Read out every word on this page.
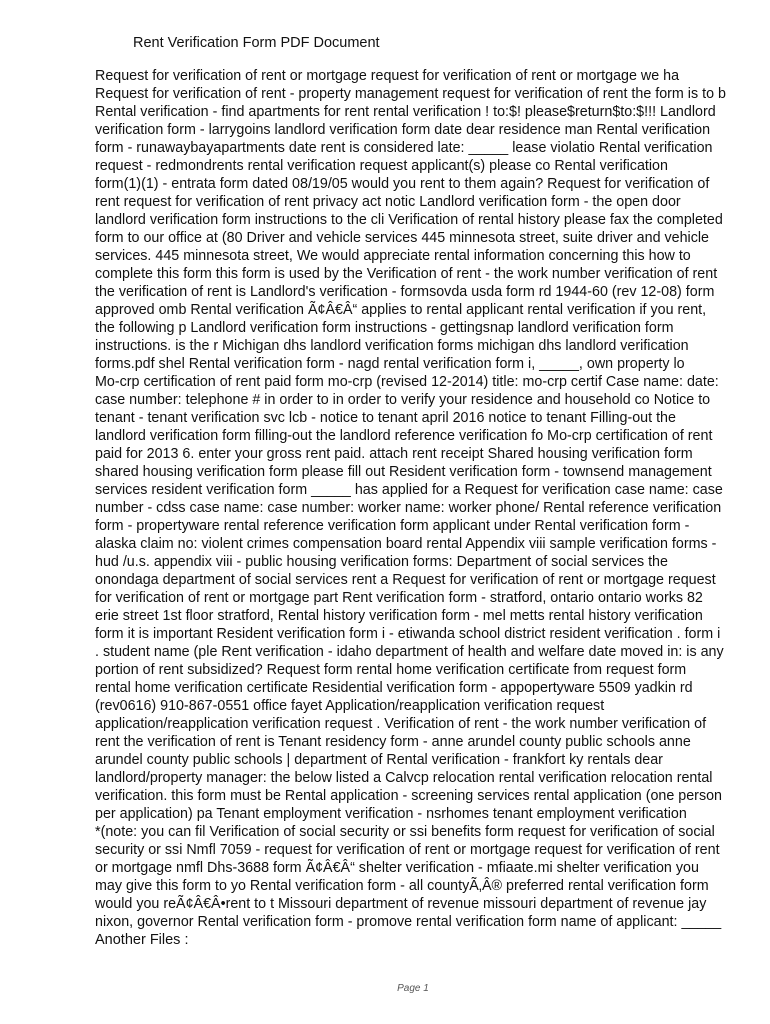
Rent Verification Form PDF Document
Request for verification of rent or mortgage request for verification of rent or mortgage we ha
Request for verification of rent - property management request for verification of rent the form is to b
Rental verification - find apartments for rent rental verification ! to:$! please$return$to:$!!! Landlord
verification form - larrygoins landlord verification form date dear residence man Rental verification
form - runawaybayapartments date rent is considered late: _____ lease violatio Rental verification
request - redmondrents rental verification request applicant(s) please co Rental verification
form(1)(1) - entrata form dated 08/19/05 would you rent to them again? Request for verification of
rent request for verification of rent privacy act notic Landlord verification form - the open door
landlord verification form instructions to the cli Verification of rental history please fax the completed
form to our office at (80 Driver and vehicle services 445 minnesota street, suite driver and vehicle
services. 445 minnesota street, We would appreciate rental information concerning this how to
complete this form this form is used by the Verification of rent - the work number verification of rent
the verification of rent is Landlord's verification - formsovda usda form rd 1944-60 (rev 12-08) form
approved omb Rental verification Ã¢Â€Â“ applies to rental applicant rental verification if you rent,
the following p Landlord verification form instructions - gettingsnap landlord verification form
instructions. is the r Michigan dhs landlord verification forms michigan dhs landlord verification
forms.pdf shel Rental verification form - nagd rental verification form i, _____, own property lo
Mo-crp certification of rent paid form mo-crp (revised 12-2014) title: mo-crp certif Case name: date:
case number: telephone # in order to in order to verify your residence and household co Notice to
tenant - tenant verification svc lcb - notice to tenant april 2016 notice to tenant Filling-out the
landlord verification form filling-out the landlord reference verification fo Mo-crp certification of rent
paid for 2013 6. enter your gross rent paid. attach rent receipt Shared housing verification form
shared housing verification form please fill out Resident verification form - townsend management
services resident verification form _____ has applied for a Request for verification case name: case
number - cdss case name: case number: worker name: worker phone/ Rental reference verification
form - propertyware rental reference verification form applicant under Rental verification form -
alaska claim no: violent crimes compensation board rental Appendix viii sample verification forms -
hud /u.s. appendix viii - public housing verification forms: Department of social services the
onondaga department of social services rent a Request for verification of rent or mortgage request
for verification of rent or mortgage part Rent verification form - stratford, ontario ontario works 82
erie street 1st floor stratford, Rental history verification form - mel metts rental history verification
form it is important Resident verification form i - etiwanda school district resident verification . form i
. student name (ple Rent verification - idaho department of health and welfare date moved in: is any
portion of rent subsidized? Request form rental home verification certificate from request form
rental home verification certificate Residential verification form - appopertyware 5509 yadkin rd
(rev0616) 910-867-0551 office fayet Application/reapplication verification request
application/reapplication verification request . Verification of rent - the work number verification of
rent the verification of rent is Tenant residency form - anne arundel county public schools anne
arundel county public schools | department of Rental verification - frankfort ky rentals dear
landlord/property manager: the below listed a Calvcp relocation rental verification relocation rental
verification. this form must be Rental application - screening services rental application (one person
per application) pa Tenant employment verification - nsrhomes tenant employment verification
*(note: you can fil Verification of social security or ssi benefits form request for verification of social
security or ssi Nmfl 7059 - request for verification of rent or mortgage request for verification of rent
or mortgage nmfl Dhs-3688 form Ã¢Â€Â“ shelter verification - mfiaate.mi shelter verification you
may give this form to yo Rental verification form - all countyÃ‚Â® preferred rental verification form
would you reÃ¢Â€Â•rent to t Missouri department of revenue missouri department of revenue jay
nixon, governor Rental verification form - promove rental verification form name of applicant: _____
Another Files :
Page 1
